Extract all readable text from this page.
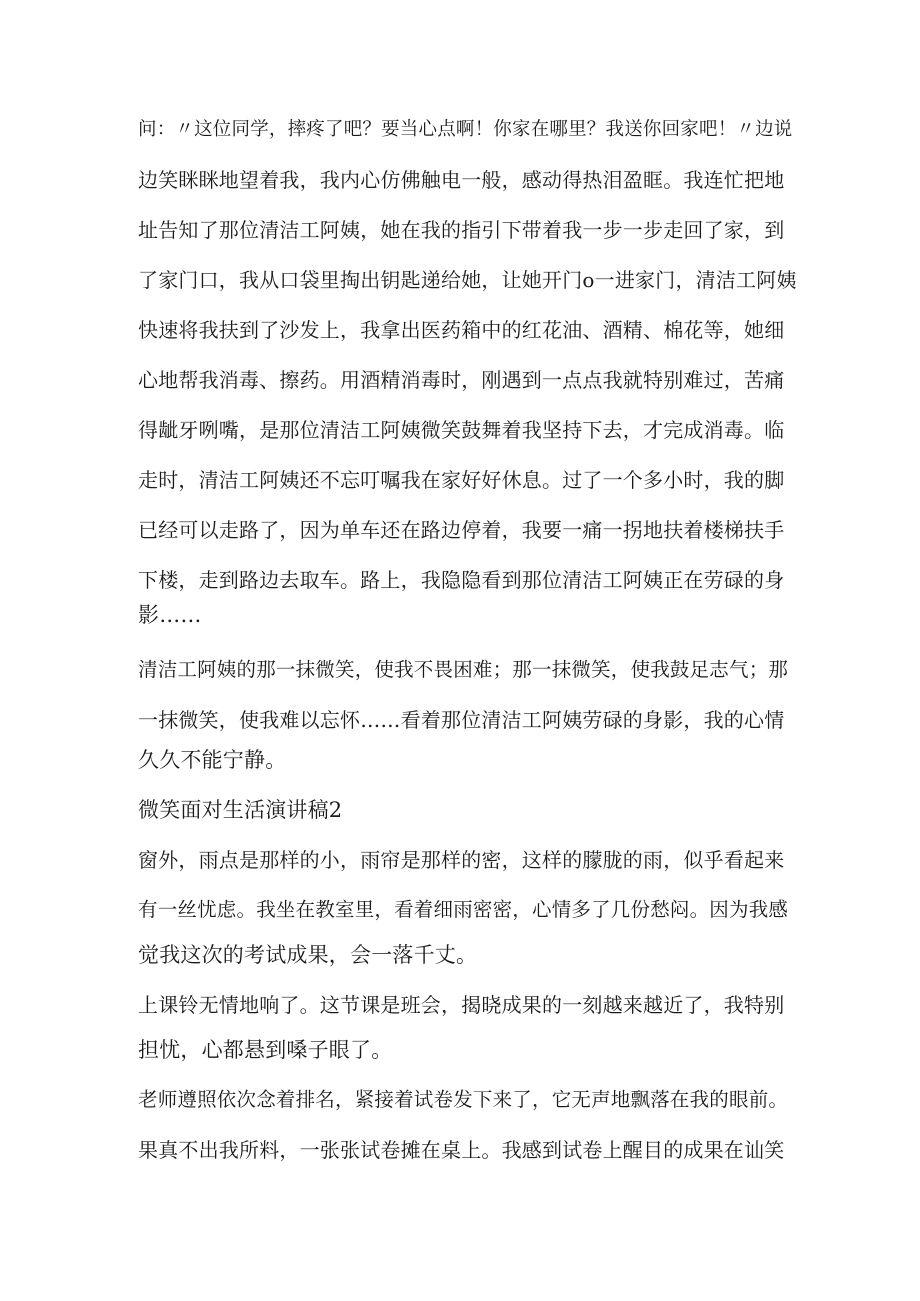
问：〃这位同学，摔疼了吧？要当心点啊！你家在哪里？我送你回家吧！〃边说
边笑眯眯地望着我，我内心仿佛触电一般，感动得热泪盈眶。我连忙把地
址告知了那位清洁工阿姨，她在我的指引下带着我一步一步走回了家，到
了家门口，我从口袋里掏出钥匙递给她，让她开门o一进家门，清洁工阿姨
快速将我扶到了沙发上，我拿出医药箱中的红花油、酒精、棉花等，她细
心地帮我消毒、擦药。用酒精消毒时，刚遇到一点点我就特别难过，苦痛
得龇牙咧嘴，是那位清洁工阿姨微笑鼓舞着我坚持下去，才完成消毒。临
走时，清洁工阿姨还不忘叮嘱我在家好好休息。过了一个多小时，我的脚
已经可以走路了，因为单车还在路边停着，我要一痛一拐地扶着楼梯扶手
下楼，走到路边去取车。路上，我隐隐看到那位清洁工阿姨正在劳碌的身
影……
清洁工阿姨的那一抹微笑，使我不畏困难；那一抹微笑，使我鼓足志气；那
一抹微笑，使我难以忘怀……看着那位清洁工阿姨劳碌的身影，我的心情
久久不能宁静。
微笑面对生活演讲稿2
窗外，雨点是那样的小，雨帘是那样的密，这样的朦胧的雨，似乎看起来
有一丝忧虑。我坐在教室里，看着细雨密密，心情多了几份愁闷。因为我感
觉我这次的考试成果，会一落千丈。
上课铃无情地响了。这节课是班会，揭晓成果的一刻越来越近了，我特别
担忧，心都悬到嗓子眼了。
老师遵照依次念着排名，紧接着试卷发下来了，它无声地飘落在我的眼前。
果真不出我所料，一张张试卷摊在桌上。我感到试卷上醒目的成果在讪笑
